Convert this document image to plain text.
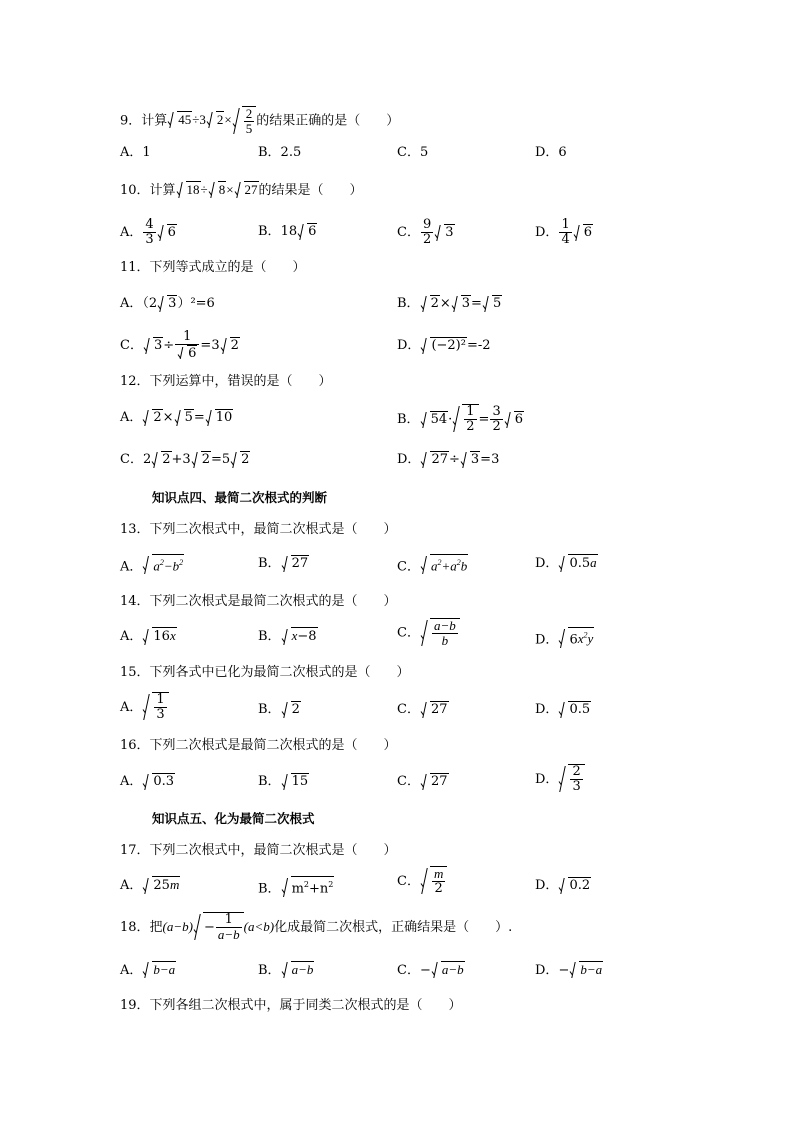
9．计算 45÷3 $2\times \frac{2}{5}$ 的结果正确的是（　　）
A．1	B．2.5	C．5	D．6
10．计算 18÷ 8× 27的结果是（　　）
A． $\frac{4}{3} 6$	B．18 6	C． $\frac{9}{2} 3$	D． $\frac{1}{4} 6$
11．下列等式成立的是（　　）
A．（2 3）²=6	B． 2× 3= 5
C． $3\div \frac{1}{6} =3$ 2	D． (−2)²=-2
12．下列运算中，错误的是（　　）
A． 2× 5= 10	B． $54\cdot \frac{1}{2} = \frac{3}{2} 6$
C．2 2+3 2=5 2	D． 27÷ 3=3
知识点四、最简二次根式的判断
13．下列二次根式中，最简二次根式是（　　）
A． $a^2-b^2$	B． 27	C． $a^2+a^2b$	D． 0.5a
14．下列二次根式是最简二次根式的是（　　）
A． 16x	B． x−8	C． $\frac{a-b}{b}$	D． $6x^2y$
15．下列各式中已化为最简二次根式的是（　　）
A． $\frac{1}{3}$	B． 2	C． 27	D． 0.5
16．下列二次根式是最简二次根式的是（　　）
A． 0.3	B． 15	C． 27	D． $\frac{2}{3}$
知识点五、化为最简二次根式
17．下列二次根式中，最简二次根式是（　　）
A． 25m	B． $m^2+n^2$	C． $\frac{m}{2}$	D． 0.2
18．把$(a-b) - \frac{1}{a-b} (a<b)$化成最简二次根式，正确结果是（　　）.
A． b−a	B． a−b	C．− a−b	D．− b−a
19．下列各组二次根式中，属于同类二次根式的是（　　）
